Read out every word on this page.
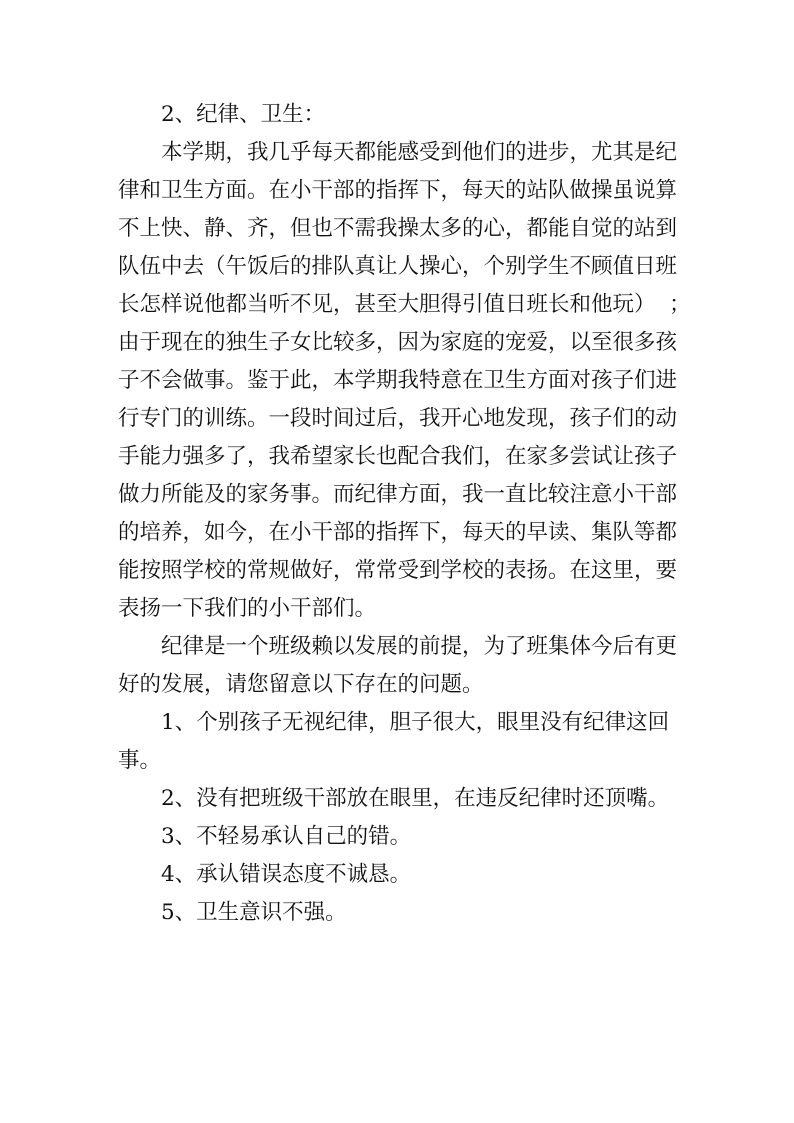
2、纪律、卫生：

本学期，我几乎每天都能感受到他们的进步，尤其是纪

律和卫生方面。在小干部的指挥下，每天的站队做操虽说算

不上快、静、齐，但也不需我操太多的心，都能自觉的站到

队伍中去（午饭后的排队真让人操心，个别学生不顾值日班

长怎样说他都当听不见，甚至大胆得引值日班长和他玩）  ；

由于现在的独生子女比较多，因为家庭的宠爱，以至很多孩

子不会做事。鉴于此，本学期我特意在卫生方面对孩子们进

行专门的训练。一段时间过后，我开心地发现，孩子们的动

手能力强多了，我希望家长也配合我们，在家多尝试让孩子

做力所能及的家务事。而纪律方面，我一直比较注意小干部

的培养，如今，在小干部的指挥下，每天的早读、集队等都

能按照学校的常规做好，常常受到学校的表扬。在这里，要

表扬一下我们的小干部们。

纪律是一个班级赖以发展的前提，为了班集体今后有更

好的发展，请您留意以下存在的问题。

1、个别孩子无视纪律，胆子很大，眼里没有纪律这回

事。

2、没有把班级干部放在眼里，在违反纪律时还顶嘴。

3、不轻易承认自己的错。

4、承认错误态度不诚恳。

5、卫生意识不强。
